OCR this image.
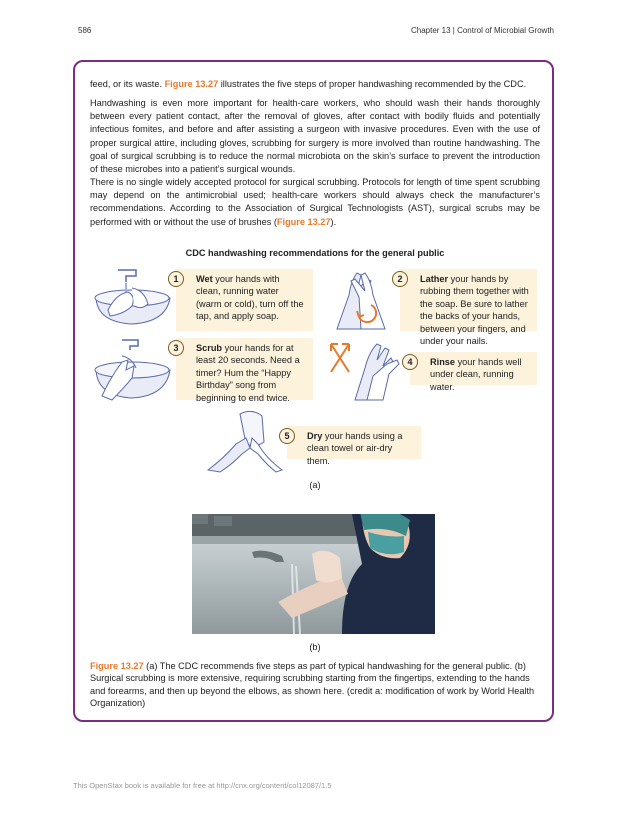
586	Chapter 13 | Control of Microbial Growth

feed, or its waste. Figure 13.27 illustrates the five steps of proper handwashing recommended by the CDC.

Handwashing is even more important for health-care workers, who should wash their hands thoroughly between every patient contact, after the removal of gloves, after contact with bodily fluids and potentially infectious fomites, and before and after assisting a surgeon with invasive procedures. Even with the use of proper surgical attire, including gloves, scrubbing for surgery is more involved than routine handwashing. The goal of surgical scrubbing is to reduce the normal microbiota on the skin’s surface to prevent the introduction of these microbes into a patient’s surgical wounds.

There is no single widely accepted protocol for surgical scrubbing. Protocols for length of time spent scrubbing may depend on the antimicrobial used; health-care workers should always check the manufacturer’s recommendations. According to the Association of Surgical Technologists (AST), surgical scrubs may be performed with or without the use of brushes (Figure 13.27).

CDC handwashing recommendations for the general public
1	Wet your hands with clean, running water (warm or cold), turn off the tap, and apply soap.
2	Lather your hands by rubbing them together with the soap. Be sure to lather the backs of your hands, between your fingers, and under your nails.
3	Scrub your hands for at least 20 seconds. Need a timer? Hum the “Happy Birthday” song from beginning to end twice.
4	Rinse your hands well under clean, running water.
5	Dry your hands using a clean towel or air-dry them.
(a)
(b)

Figure 13.27 (a) The CDC recommends five steps as part of typical handwashing for the general public. (b) Surgical scrubbing is more extensive, requiring scrubbing starting from the fingertips, extending to the hands and forearms, and then up beyond the elbows, as shown here. (credit a: modification of work by World Health Organization)

This OpenStax book is available for free at http://cnx.org/content/col12087/1.5
